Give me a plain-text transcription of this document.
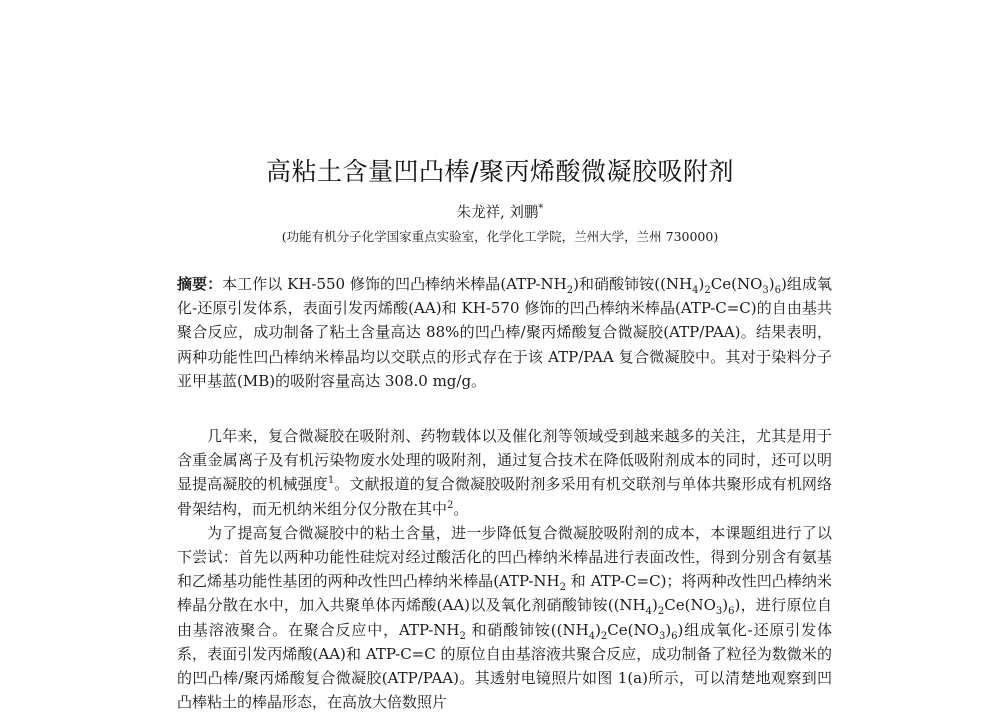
高粘土含量凹凸棒/聚丙烯酸微凝胶吸附剂
朱龙祥, 刘鹏*
(功能有机分子化学国家重点实验室，化学化工学院，兰州大学，兰州 730000)
摘要：本工作以 KH-550 修饰的凹凸棒纳米棒晶$(ATP-NH_2)$和硝酸铈铵$((NH_4)_2Ce(NO_3)_6)$组成氧化-还原引发体系，表面引发丙烯酸(AA)和 KH-570 修饰的凹凸棒纳米棒晶(ATP-C=C)的自由基共聚合反应，成功制备了粘土含量高达 88%的凹凸棒/聚丙烯酸复合微凝胶(ATP/PAA)。结果表明，两种功能性凹凸棒纳米棒晶均以交联点的形式存在于该 ATP/PAA 复合微凝胶中。其对于染料分子亚甲基蓝(MB)的吸附容量高达 308.0 mg/g。

几年来，复合微凝胶在吸附剂、药物载体以及催化剂等领域受到越来越多的关注，尤其是用于含重金属离子及有机污染物废水处理的吸附剂，通过复合技术在降低吸附剂成本的同时，还可以明显提高凝胶的机械强度$^1$。文献报道的复合微凝胶吸附剂多采用有机交联剂与单体共聚形成有机网络骨架结构，而无机纳米组分仅分散在其中$^2$。

为了提高复合微凝胶中的粘土含量，进一步降低复合微凝胶吸附剂的成本，本课题组进行了以下尝试：首先以两种功能性硅烷对经过酸活化的凹凸棒纳米棒晶进行表面改性，得到分别含有氨基和乙烯基功能性基团的两种改性凹凸棒纳米棒晶($ATP-NH_2$ 和 ATP-C=C)；将两种改性凹凸棒纳米棒晶分散在水中，加入共聚单体丙烯酸(AA)以及氧化剂硝酸铈铵$((NH_4)_2Ce(NO_3)_6)$，进行原位自由基溶液聚合。在聚合反应中，ATP-$NH_2$ 和硝酸铈铵$((NH_4)_2Ce(NO_3)_6)$组成氧化-还原引发体系，表面引发丙烯酸(AA)和 ATP-C=C 的原位自由基溶液共聚合反应，成功制备了粒径为数微米的的凹凸棒/聚丙烯酸复合微凝胶(ATP/PAA)。其透射电镜照片如图 1(a)所示，可以清楚地观察到凹凸棒粘土的棒晶形态，在高放大倍数照片
